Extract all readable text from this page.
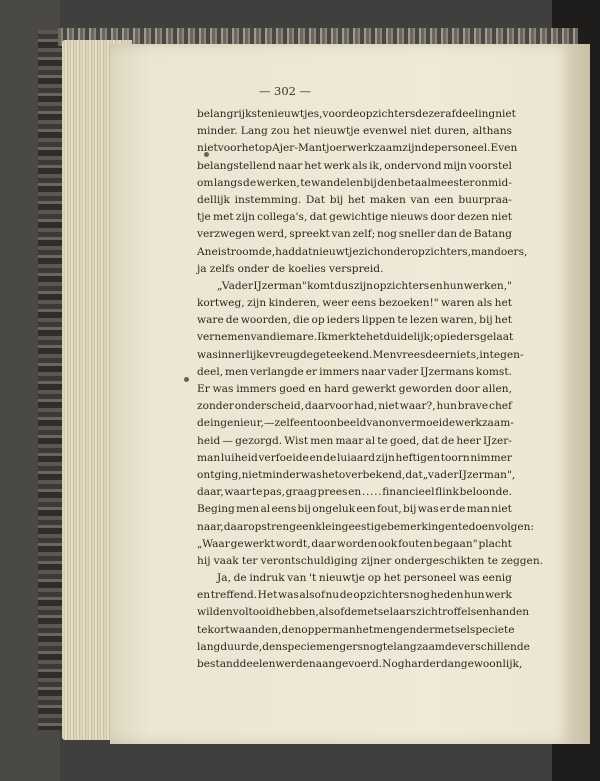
— 302 —
belangrijkste nieuwtjes, voor de opzichters dezer afdeeling niet
minder. Lang zou het nieuwtje evenwel niet duren, althans
niet voor het op Ajer-Mantjoer werkzaam zijnde personeel. Even
belangstellend naar het werk als ik, ondervond mijn voorstel
om langs de werken, te wandelen bij den betaalmeester onmid-
dellijk instemming. Dat bij het maken van een buurpraa-
tje met zijn collega's, dat gewichtige nieuws door dezen niet
verzwegen werd, spreekt van zelf; nog sneller dan de Batang
Anei stroomde, had dat nieuwtje zich onder opzichters, mandoers,
ja zelfs onder de koelies verspreid.
„Vader IJzerman" komt dus zijn opzichters en hun werken,"
kortweg, zijn kinderen, weer eens bezoeken!" waren als het
ware de woorden, die op ieders lippen te lezen waren, bij het
vernemen van die mare. Ik merkte het duidelijk; op ieders gelaat
was innerlijke vreugde geteekend. Men vreesde er niets, integen-
deel, men verlangde er immers naar vader IJzermans komst.
Er was immers goed en hard gewerkt geworden door allen,
zonder onderscheid, daarvoor had, niet waar?, hun brave chef
de ingenieur, — zelf een toonbeeld van onvermoeide werkzaam-
heid — gezorgd. Wist men maar al te goed, dat de heer IJzer-
man luiheid verfoeide en de luiaard zijn heftigen toorn nimmer
ontging, niet minder was het overbekend, dat „vader IJzerman",
daar, waar te pas, graag prees en . . . . . financieel flink beloonde.
Beging men al eens bij ongeluk een fout, bij was er de man niet
naar, daarop strenge en kleingeestige bemerkingen te doen volgen:
„Waar gewerkt wordt, daar worden ook fouten begaan" placht
hij vaak ter verontschuldiging zijner ondergeschikten te zeggen.
Ja, de indruk van 't nieuwtje op het personeel was eenig
en treffend. Het was alsof nu de opzichters nog heden hun werk
wilden voltooid hebben, alsof de metselaars zich troffels en handen
te kort waanden, den opperman het mengen der metselspecie te
lang duurde, den speciemengers nog te langzaam de verschillende
bestanddeelen werden aangevoerd. Nog harder dan gewoonlijk,
